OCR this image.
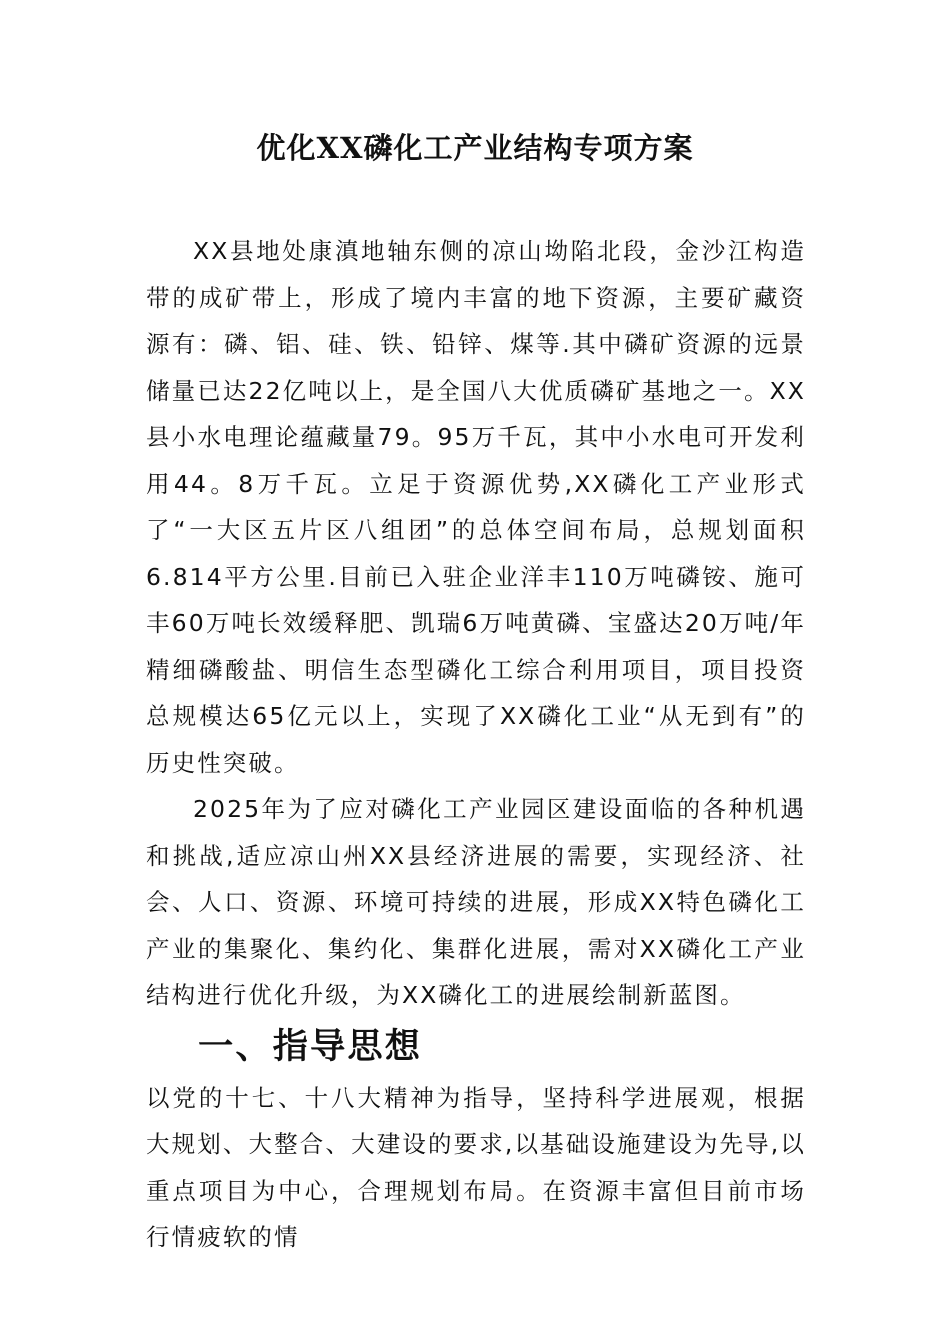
优化XX磷化工产业结构专项方案

XX县地处康滇地轴东侧的凉山坳陷北段，金沙江构造带的成矿带上，形成了境内丰富的地下资源，主要矿藏资源有：磷、铝、硅、铁、铅锌、煤等.其中磷矿资源的远景储量已达22亿吨以上，是全国八大优质磷矿基地之一。XX县小水电理论蕴藏量79。95万千瓦，其中小水电可开发利用44。8万千瓦。立足于资源优势,XX磷化工产业形式了“一大区五片区八组团”的总体空间布局，总规划面积6.814平方公里.目前已入驻企业洋丰110万吨磷铵、施可丰60万吨长效缓释肥、凯瑞6万吨黄磷、宝盛达20万吨/年精细磷酸盐、明信生态型磷化工综合利用项目，项目投资总规模达65亿元以上，实现了XX磷化工业“从无到有”的历史性突破。

2025年为了应对磷化工产业园区建设面临的各种机遇和挑战,适应凉山州XX县经济进展的需要，实现经济、社会、人口、资源、环境可持续的进展，形成XX特色磷化工产业的集聚化、集约化、集群化进展，需对XX磷化工产业结构进行优化升级，为XX磷化工的进展绘制新蓝图。

一、指导思想

以党的十七、十八大精神为指导，坚持科学进展观，根据大规划、大整合、大建设的要求,以基础设施建设为先导,以重点项目为中心，合理规划布局。在资源丰富但目前市场行情疲软的情
